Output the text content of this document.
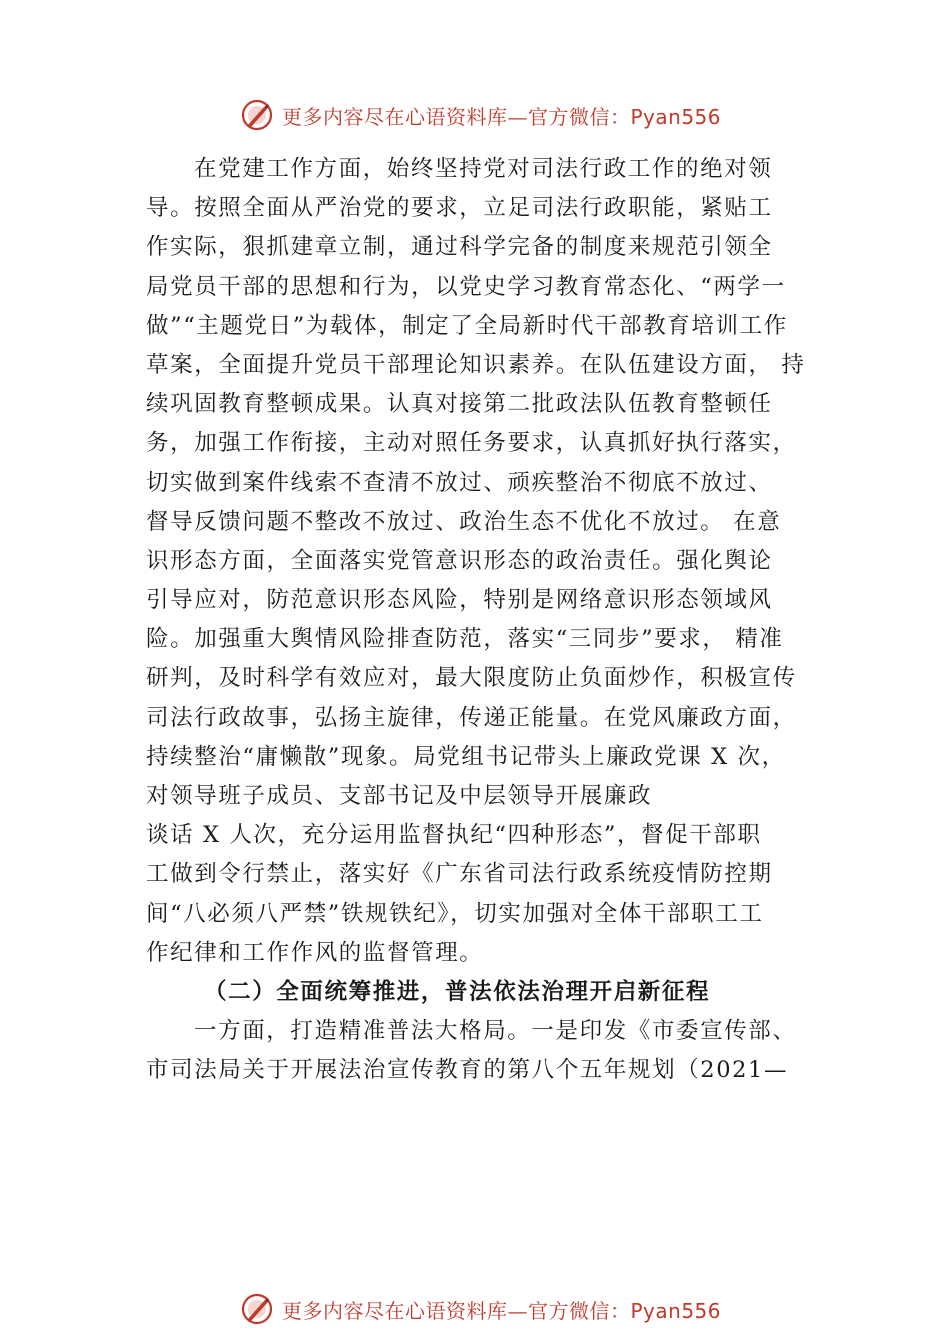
更多内容尽在心语资料库—官方微信：Pyan556
在党建工作方面，始终坚持党对司法行政工作的绝对领
导。按照全面从严治党的要求，立足司法行政职能，紧贴工
作实际，狠抓建章立制，通过科学完备的制度来规范引领全
局党员干部的思想和行为，以党史学习教育常态化、“两学一
做”“主题党日”为载体，制定了全局新时代干部教育培训工作
草案，全面提升党员干部理论知识素养。在队伍建设方面， 持
续巩固教育整顿成果。认真对接第二批政法队伍教育整顿任
务，加强工作衔接，主动对照任务要求，认真抓好执行落实，
切实做到案件线索不查清不放过、顽疾整治不彻底不放过、
督导反馈问题不整改不放过、政治生态不优化不放过。 在意
识形态方面，全面落实党管意识形态的政治责任。强化舆论
引导应对，防范意识形态风险，特别是网络意识形态领域风
险。加强重大舆情风险排查防范，落实“三同步”要求， 精准
研判，及时科学有效应对，最大限度防止负面炒作，积极宣传
司法行政故事，弘扬主旋律，传递正能量。在党风廉政方面，
持续整治“庸懒散”现象。局党组书记带头上廉政党课 X 次，
对领导班子成员、支部书记及中层领导开展廉政
谈话 X 人次，充分运用监督执纪“四种形态”，督促干部职
工做到令行禁止，落实好《广东省司法行政系统疫情防控期
间“八必须八严禁”铁规铁纪》，切实加强对全体干部职工工
作纪律和工作作风的监督管理。
（二）全面统筹推进，普法依法治理开启新征程
一方面，打造精准普法大格局。一是印发《市委宣传部、
市司法局关于开展法治宣传教育的第八个五年规划（2021—
更多内容尽在心语资料库—官方微信：Pyan556
